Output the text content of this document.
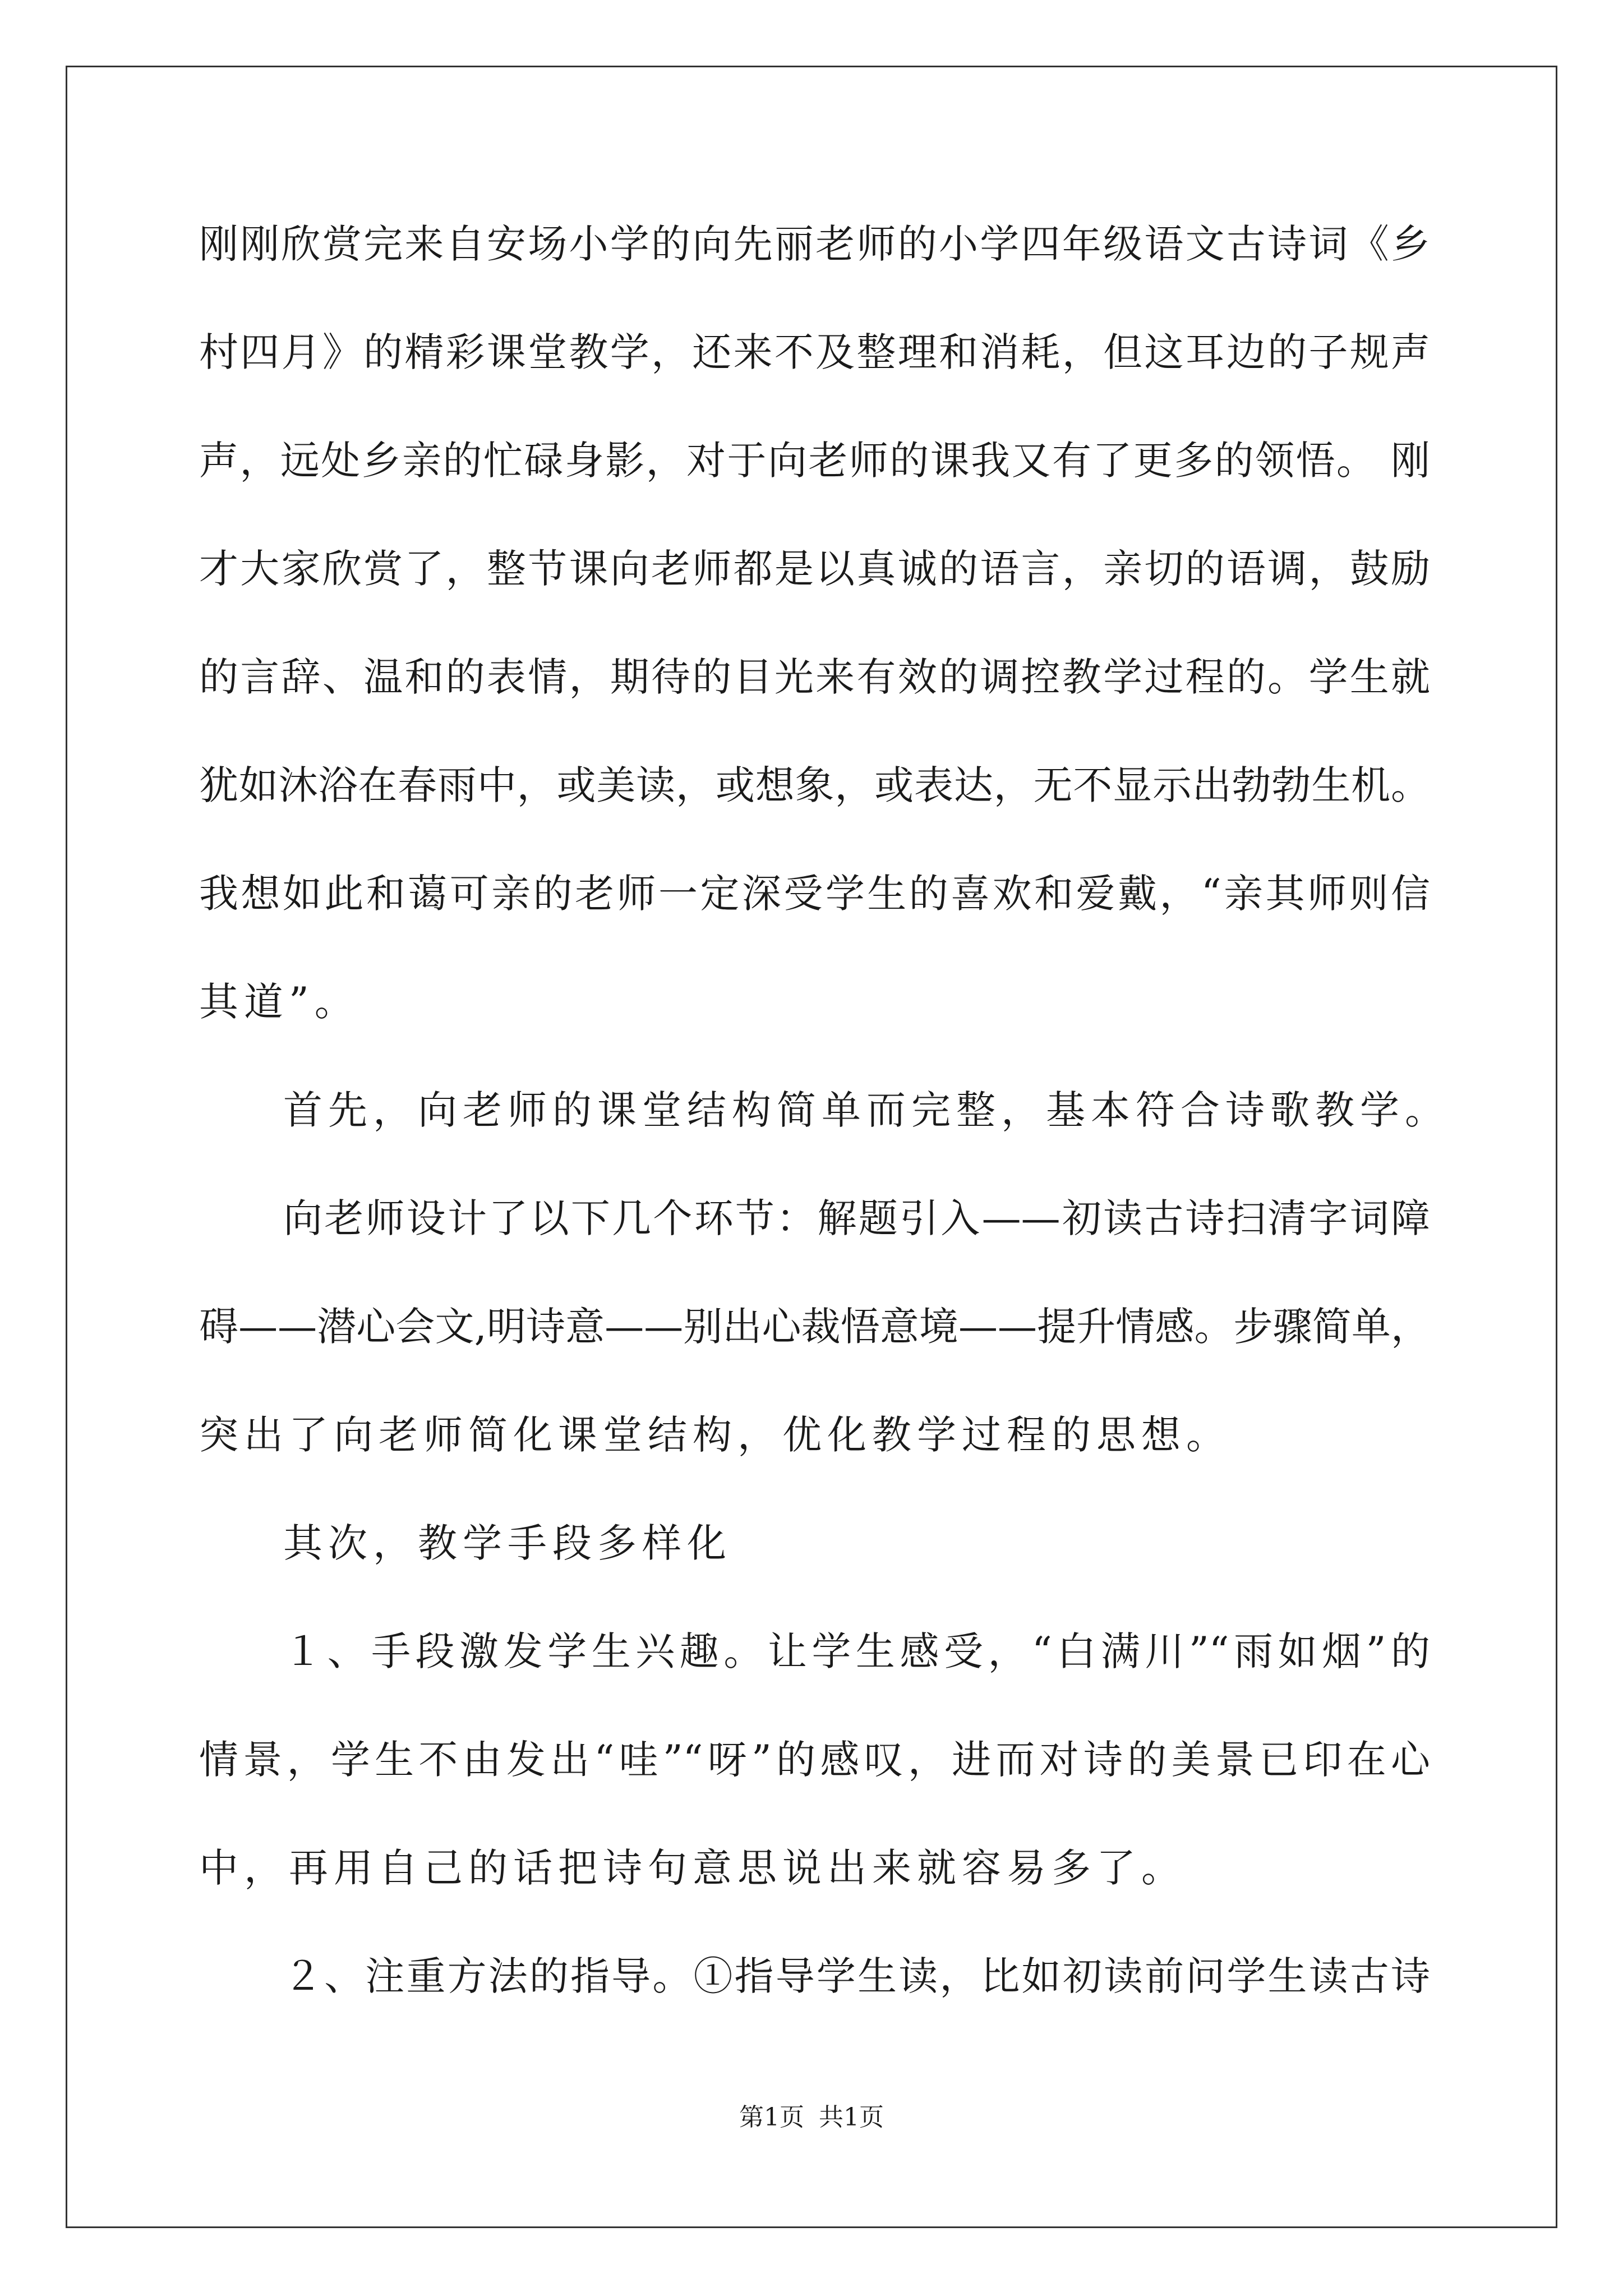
刚刚欣赏完来自安场小学的向先丽老师的小学四年级语文古诗词《乡
村四月》的精彩课堂教学，还来不及整理和消耗，但这耳边的子规声
声，远处乡亲的忙碌身影，对于向老师的课我又有了更多的领悟。 刚
才大家欣赏了，整节课向老师都是以真诚的语言，亲切的语调，鼓励
的言辞、温和的表情，期待的目光来有效的调控教学过程的。学生就
犹如沐浴在春雨中，或美读，或想象，或表达，无不显示出勃勃生机。
我想如此和蔼可亲的老师一定深受学生的喜欢和爱戴，“亲其师则信
其道”。
首先，向老师的课堂结构简单而完整，基本符合诗歌教学。
向老师设计了以下几个环节：解题引入——初读古诗扫清字词障
碍——潜心会文,明诗意——别出心裁悟意境——提升情感。步骤简单，
突出了向老师简化课堂结构，优化教学过程的思想。
其次，教学手段多样化
１、手段激发学生兴趣。让学生感受，“白满川”“雨如烟”的
情景，学生不由发出“哇”“呀”的感叹，进而对诗的美景已印在心
中，再用自己的话把诗句意思说出来就容易多了。
２、注重方法的指导。①指导学生读，比如初读前问学生读古诗
第1页 共1页
